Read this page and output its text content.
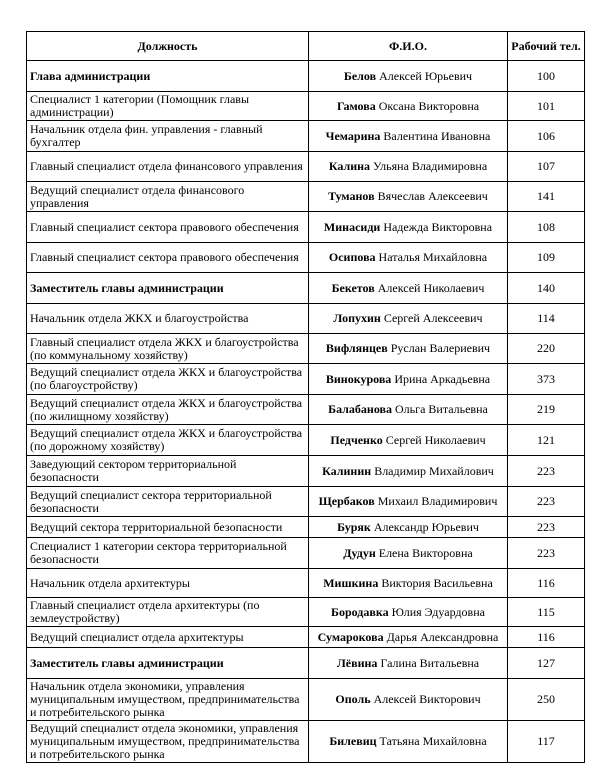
Должность	Ф.И.О.	Рабочий тел.
Глава администрации	Белов Алексей Юрьевич	100
Специалист 1 категории (Помощник главы администрации)	Гамова Оксана Викторовна	101
Начальник отдела фин. управления - главный бухгалтер	Чемарина Валентина Ивановна	106
Главный специалист отдела финансового управления	Калина Ульяна Владимировна	107
Ведущий специалист отдела финансового управления	Туманов Вячеслав Алексеевич	141
Главный специалист сектора правового обеспечения	Минасиди Надежда Викторовна	108
Главный специалист сектора правового обеспечения	Осипова Наталья Михайловна	109
Заместитель главы администрации	Бекетов Алексей Николаевич	140
Начальник отдела ЖКХ и благоустройства	Лопухин Сергей Алексеевич	114
Главный специалист отдела ЖКХ и благоустройства (по коммунальному хозяйству)	Вифлянцев Руслан Валериевич	220
Ведущий специалист отдела ЖКХ и благоустройства (по благоустройству)	Винокурова Ирина Аркадьевна	373
Ведущий специалист отдела ЖКХ и благоустройства (по жилищному хозяйству)	Балабанова Ольга Витальевна	219
Ведущий специалист отдела ЖКХ и благоустройства (по дорожному хозяйству)	Педченко Сергей Николаевич	121
Заведующий сектором территориальной безопасности	Калинин Владимир Михайлович	223
Ведущий специалист сектора территориальной безопасности	Щербаков Михаил Владимирович	223
Ведущий сектора территориальной безопасности	Буряк Александр Юрьевич	223
Специалист 1 категории сектора территориальной безопасности	Дудун Елена Викторовна	223
Начальник отдела архитектуры	Мишкина Виктория Васильевна	116
Главный специалист отдела архитектуры (по землеустройству)	Бородавка Юлия Эдуардовна	115
Ведущий специалист отдела архитектуры	Сумарокова Дарья Александровна	116
Заместитель главы администрации	Лёвина Галина Витальевна	127
Начальник отдела экономики, управления муниципальным имуществом, предпринимательства и потребительского рынка	Ополь Алексей Викторович	250
Ведущий специалист отдела экономики, управления муниципальным имуществом, предпринимательства и потребительского рынка	Билевиц Татьяна Михайловна	117
